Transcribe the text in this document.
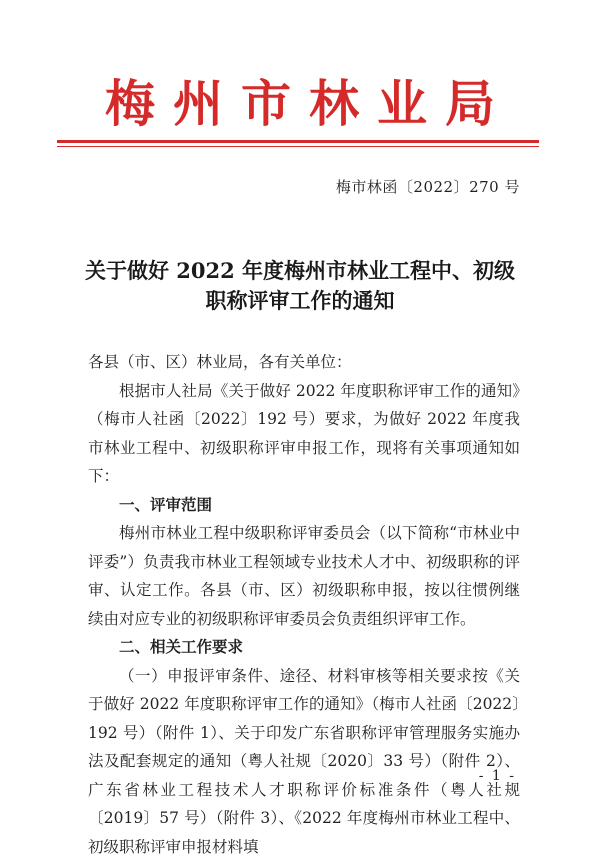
梅州市林业局
梅市林函〔2022〕270 号
关于做好 2022 年度梅州市林业工程中、初级
职称评审工作的通知

各县（市、区）林业局，各有关单位：

根据市人社局《关于做好 2022 年度职称评审工作的通知》（梅市人社函〔2022〕192 号）要求，为做好 2022 年度我市林业工程中、初级职称评审申报工作，现将有关事项通知如下：

一、评审范围

梅州市林业工程中级职称评审委员会（以下简称“市林业中评委”）负责我市林业工程领域专业技术人才中、初级职称的评审、认定工作。各县（市、区）初级职称申报，按以往惯例继续由对应专业的初级职称评审委员会负责组织评审工作。

二、相关工作要求

（一）申报评审条件、途径、材料审核等相关要求按《关于做好 2022 年度职称评审工作的通知》（梅市人社函〔2022〕192 号）（附件 1）、关于印发广东省职称评审管理服务实施办法及配套规定的通知（粤人社规〔2020〕33 号）（附件 2）、广东省林业工程技术人才职称评价标准条件（粤人社规〔2019〕57 号）（附件 3）、《2022 年度梅州市林业工程中、初级职称评审申报材料填

- 1 -
